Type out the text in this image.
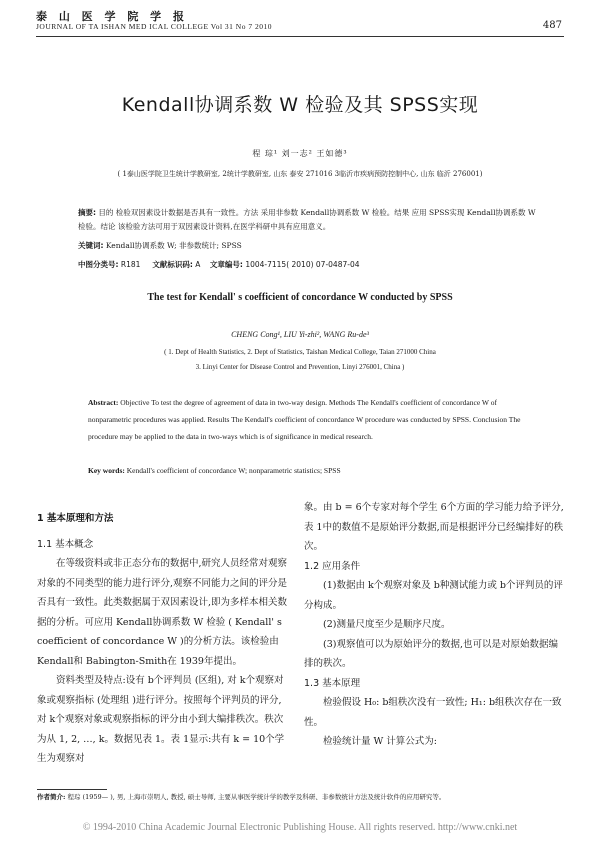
泰 山 医 学 院 学 报
JOURNAL OF TA ISHAN MED ICAL COLLEGE Vol 31 No 7 2010	487
Kendall协调系数 W 检验及其 SPSS实现
程 琮¹ 刘一志² 王如德³
( 1泰山医学院卫生统计学教研室, 2统计学教研室, 山东 泰安 271016 3临沂市疾病预防控制中心, 山东 临沂 276001)
摘要: 目的 检验双因素设计数据是否具有一致性。方法 采用非参数 Kendall协调系数 W 检验。结果 应用 SPSS实现 Kendall协调系数 W 检验。结论 该检验方法可用于双因素设计资料,在医学科研中具有应用意义。
关键词: Kendall协调系数 W; 非参数统计; SPSS
中图分类号: R181 文献标识码: A 文章编号: 1004-7115( 2010) 07-0487-04
The test for Kendall' s coefficient of concordance W conducted by SPSS
CHENG Cong¹, LIU Yi-zhi², WANG Ru-de³
( 1. Dept of Health Statistics, 2. Dept of Statistics, Taishan Medical College, Taian 271000 China
3. Linyi Center for Disease Control and Prevention, Linyi 276001, China )
Abstract: Objective To test the degree of agreement of data in two-way design. Methods The Kendall's coefficient of concordance W of nonparametric procedures was applied. Results The Kendall's coefficient of concordance W procedure was conducted by SPSS. Conclusion The procedure may be applied to the data in two-ways which is of significance in medical research.
Key words: Kendall's coefficient of concordance W; nonparametric statistics; SPSS

1 基本原理和方法

1.1 基本概念

在等级资料或非正态分布的数据中,研究人员经常对观察对象的不同类型的能力进行评分,观察不同能力之间的评分是否具有一致性。此类数据属于双因素设计,即为多样本相关数据的分析。可应用 Kendall协调系数 W 检验 ( Kendall' s coefficient of concordance W )的分析方法。该检验由 Kendall和 Babington-Smith在 1939年提出。

资料类型及特点:设有 b个评判员 (区组), 对 k个观察对象或观察指标 (处理组 )进行评分。按照每个评判员的评分, 对 k个观察对象或观察指标的评分由小到大编排秩次。秩次为从 1, 2, …, k。数据见表 1。表 1显示:共有 k = 10个学生为观察对

象。由 b = 6个专家对每个学生 6个方面的学习能力给予评分,表 1中的数值不是原始评分数据,而是根据评分已经编排好的秩次。

1.2 应用条件

(1)数据由 k个观察对象及 b种测试能力或 b个评判员的评分构成。

(2)测量尺度至少是顺序尺度。

(3)观察值可以为原始评分的数据,也可以是对原始数据编排的秩次。

1.3 基本原理

检验假设 H₀: b组秩次没有一致性; H₁: b组秩次存在一致性。

检验统计量 W 计算公式为:

作者简介: 程琮 (1959— ), 男, 上海市崇明人, 教授, 硕士导师, 主要从事医学统计学的教学及科研、非参数统计方法及统计软件的应用研究等。
© 1994-2010 China Academic Journal Electronic Publishing House. All rights reserved. http://www.cnki.net
